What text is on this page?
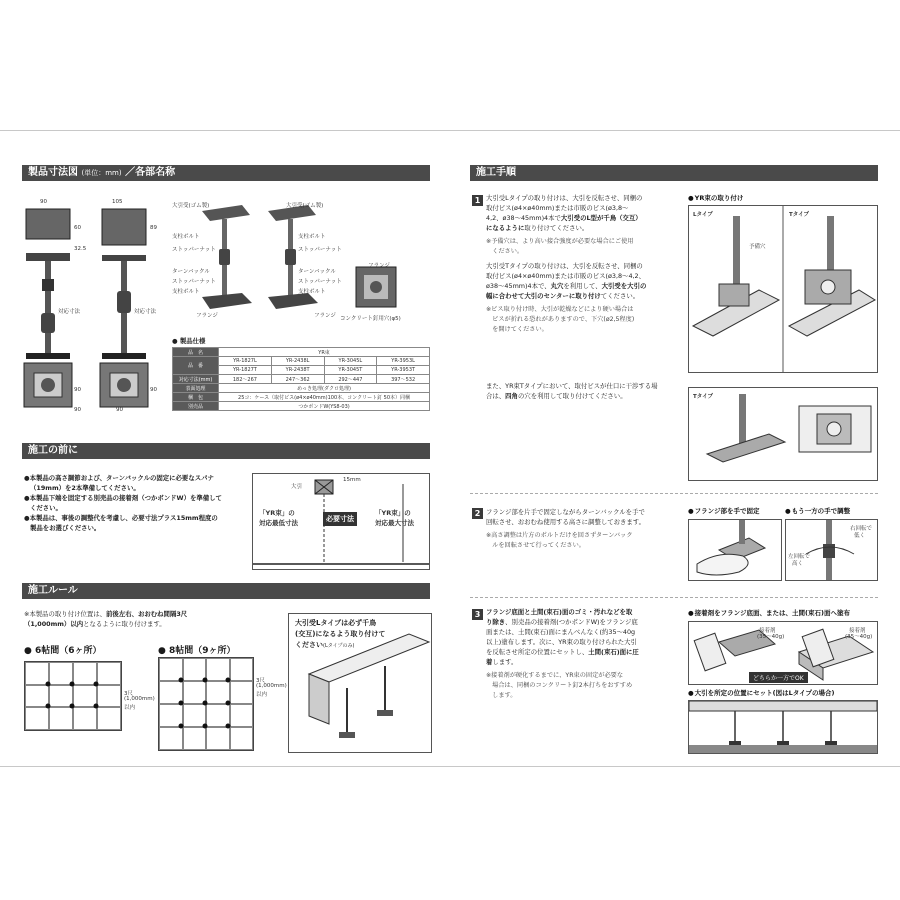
製品寸法図 (単位：mm) ／各部名称
90	105
60	89
32.5
対応寸法	対応寸法
90
90
90
90
大引受(ゴム製)
支柱ボルト
ストッパーナット
ターンバックル
ストッパーナット
支柱ボルト
フランジ
大引受(ゴム製)
支柱ボルト
ストッパーナット
ターンバックル
ストッパーナット
支柱ボルト
フランジ
フランジ
コンクリート釘用穴(φ5)
● 製品仕様
品　名	YR束			
品　番	YR-1827L	YR-2438L	YR-3045L	YR-3953L
	YR-1827T	YR-2438T	YR-3045T	YR-3953T
対応寸法(mm)	182〜267	247〜362	292〜447	397〜532
表面処理	めっき処理(ダクロ処理)			
梱　包	25コ：ケース（取付ビス(ø4×ø40mm)100本、コンクリート釘 50本）同梱			
別売品	つかボンドW(YS8-03)			
施工の前に
●本製品の高さ調節および、ターンバックルの固定に必要なスパナ
（19mm）を2本準備してください。
●本製品下端を固定する別売品の接着剤（つかボンドW）を準備して
ください。
●本製品は、事後の調整代を考慮し、必要寸法プラス15mm程度の
製品をお選びください。
大引
15mm
「YR束」の
対応最低寸法	必要寸法
「YR束」の
対応最大寸法
施工ルール
※本製品の取り付け位置は、前後左右、おおむね間隔3尺
（1,000mm）以内となるように取り付けます。
● 6帖間（6ヶ所）
3尺
(1,000mm)
以内
● 8帖間（9ヶ所）
3尺
(1,000mm)
以内
大引受Lタイプは必ず千鳥
(交互)になるよう取り付けて
ください(Lタイプのみ)
施工手順
1 大引受Lタイプの取り付けは、大引を反転させ、同梱の
取付ビス(ø4×ø40mm)または市販のビス(ø3,8〜
4,2、ø38〜45mm)4本で大引受のL型が千鳥（交互）
になるように取り付けてください。
※予備穴は、より高い接合強度が必要な場合にご使用
　ください。
大引受Tタイプの取り付けは、大引を反転させ、同梱の
取付ビス(ø4×ø40mm)または市販のビス(ø3,8〜4,2、
ø38〜45mm)4本で、丸穴を利用して、大引受を大引の
幅に合わせて大引のセンターに取り付けてください。
※ビス取り付け時、大引が乾燥などにより硬い場合は
　ビスが折れる恐れがありますので、下穴(ø2,5程度)
　を開けてください。
また、YR束Tタイプにおいて、取付ビスが仕口に干渉する場
合は、四角の穴を利用して取り付けてください。
● YR束の取り付け
Lタイプ	Tタイプ
予備穴
Tタイプ
2 フランジ部を片手で固定しながらターンバックルを手で
回転させ、おおむね使用する高さに調整しておきます。
※高さ調整は片方のボルトだけを回さずターンバック
　ルを回転させて行ってください。
● フランジ部を手で固定	● もう一方の手で調整
右回転で
低く
左回転で
高く
3 フランジ底面と土間(束石)面のゴミ・汚れなどを取
り除き、別売品の接着剤(つかボンドW)をフランジ底
面または、土間(束石)面にまんべんなく(約35〜40g
以上)塗布します。次に、YR束の取り付けられた大引
を反転させ所定の位置にセットし、土間(束石)面に圧
着します。
※接着剤が硬化するまでに、YR束の固定が必要な
　場合は、同梱のコンクリート釘2本打ちをおすすめ
　します。
● 接着剤をフランジ底面、または、土間(束石)面へ塗布
接着剤
(35〜40g)
接着剤
(35〜40g)
どちらか一方でOK
● 大引を所定の位置にセット(図はLタイプの場合)
